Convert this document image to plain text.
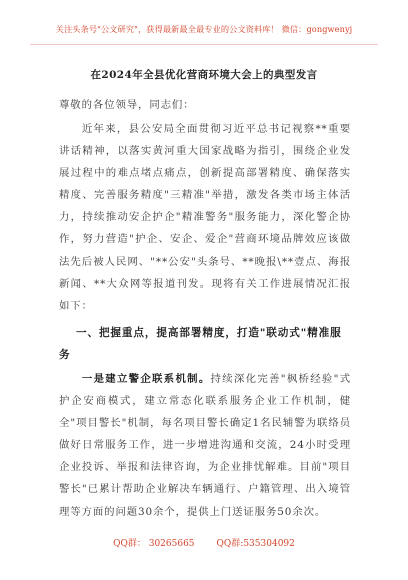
关注头条号"公文研究"，获得最新最全最专业的公文资料库！ 微信：gongwenyj
在2024年全县优化营商环境大会上的典型发言
尊敬的各位领导，同志们：
近年来，县公安局全面贯彻习近平总书记视察**重要讲话精神，以落实黄河重大国家战略为指引，围绕企业发展过程中的难点堵点痛点，创新提高部署精度、确保落实精度、完善服务精度"三精准"举措，激发各类市场主体活力，持续推动安企护企"精准警务"服务能力，深化警企协作，努力营造"护企、安企、爱企"营商环境品牌效应该做法先后被人民网、"**公安"头条号、**晚报\**壹点、海报新闻、**大众网等报道刊发。现将有关工作进展情况汇报如下：
一、把握重点，提高部署精度，打造"联动式"精准服务
一是建立警企联系机制。持续深化完善"枫桥经验"式护企安商模式，建立常态化联系服务企业工作机制，健全"项目警长"机制，每名项目警长确定1名民辅警为联络员做好日常服务工作，进一步增进沟通和交流，24小时受理企业投诉、举报和法律咨询，为企业排忧解难。目前"项目警长"已累计帮助企业解决车辆通行、户籍管理、出入境管理等方面的问题30余个，提供上门送证服务50余次。
QQ群： 30265665 QQ群:535304092
